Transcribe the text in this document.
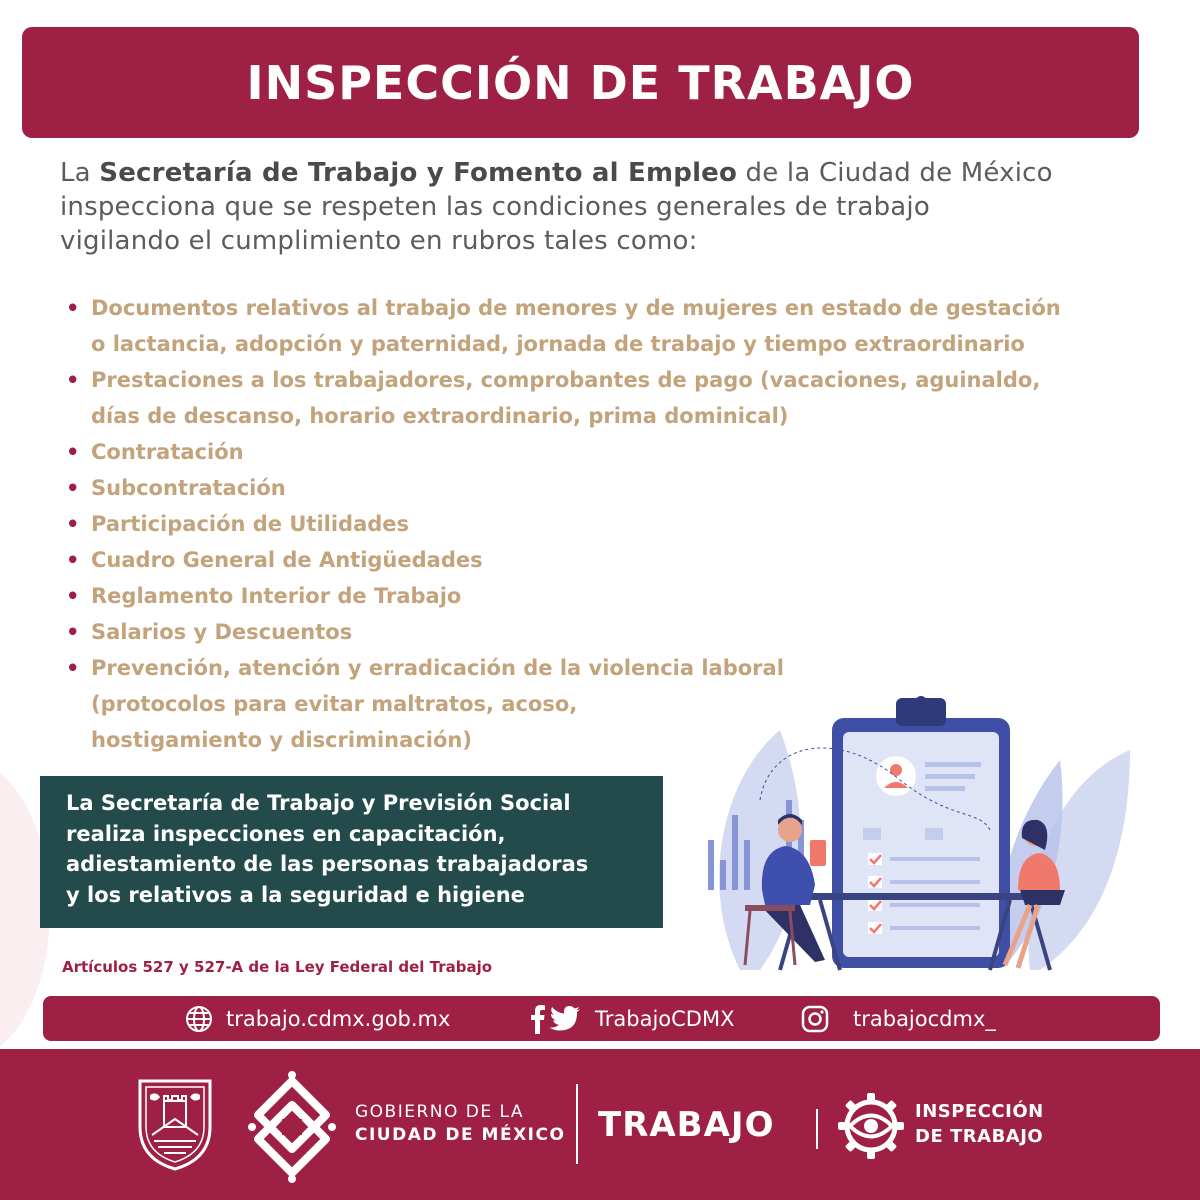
INSPECCIÓN DE TRABAJO
La Secretaría de Trabajo y Fomento al Empleo de la Ciudad de México
inspecciona que se respeten las condiciones generales de trabajo
vigilando el cumplimiento en rubros tales como:
• Documentos relativos al trabajo de menores y de mujeres en estado de gestación
o lactancia, adopción y paternidad, jornada de trabajo y tiempo extraordinario
• Prestaciones a los trabajadores, comprobantes de pago (vacaciones, aguinaldo,
días de descanso, horario extraordinario, prima dominical)
• Contratación
• Subcontratación
• Participación de Utilidades
• Cuadro General de Antigüedades
• Reglamento Interior de Trabajo
• Salarios y Descuentos
• Prevención, atención y erradicación de la violencia laboral
(protocolos para evitar maltratos, acoso,
hostigamiento y discriminación)

La Secretaría de Trabajo y Previsión Social

realiza inspecciones en capacitación,

adiestamiento de las personas trabajadoras

y los relativos a la seguridad e higiene

Artículos 527 y 527-A de la Ley Federal del Trabajo
trabajo.cdmx.gob.mx	TrabajoCDMX	trabajocdmx_
GOBIERNO DE LA
CIUDAD DE MÉXICO TRABAJO	INSPECCIÓN
DE TRABAJO
